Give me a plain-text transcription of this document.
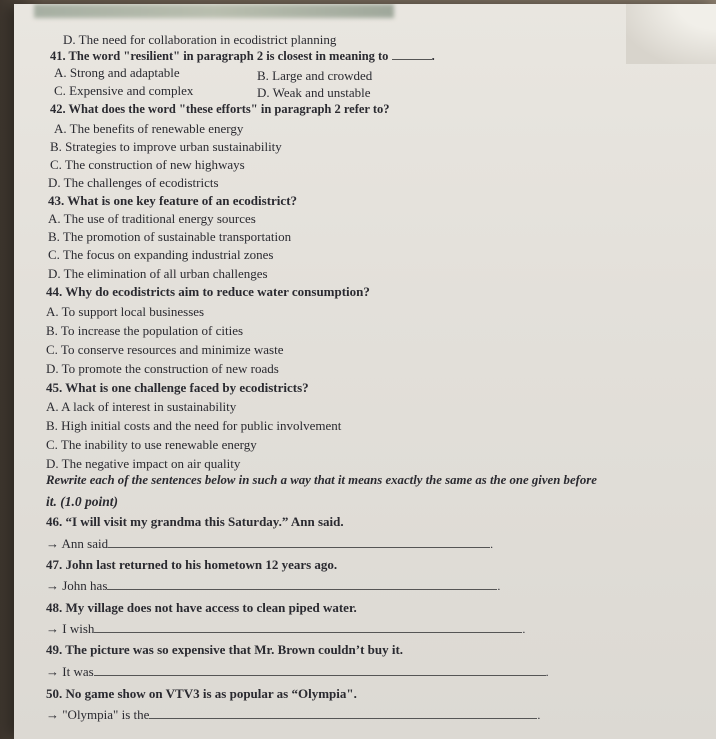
D. The need for collaboration in ecodistrict planning
41. The word "resilient" in paragraph 2 is closest in meaning to	.
A. Strong and adaptable	B. Large and crowded
C. Expensive and complex	D. Weak and unstable
42. What does the word "these efforts" in paragraph 2 refer to?
A. The benefits of renewable energy
B. Strategies to improve urban sustainability
C. The construction of new highways
D. The challenges of ecodistricts
43. What is one key feature of an ecodistrict?
A. The use of traditional energy sources
B. The promotion of sustainable transportation
C. The focus on expanding industrial zones
D. The elimination of all urban challenges
44. Why do ecodistricts aim to reduce water consumption?
A. To support local businesses
B. To increase the population of cities
C. To conserve resources and minimize waste
D. To promote the construction of new roads
45. What is one challenge faced by ecodistricts?
A. A lack of interest in sustainability
B. High initial costs and the need for public involvement
C. The inability to use renewable energy
D. The negative impact on air quality
Rewrite each of the sentences below in such a way that it means exactly the same as the one given before
it. (1.0 point)
46. “I will visit my grandma this Saturday.” Ann said.
→ Ann said	.
47. John last returned to his hometown 12 years ago.
→ John has	.
48. My village does not have access to clean piped water.
→ I wish	.
49. The picture was so expensive that Mr. Brown couldn’t buy it.
→ It was	.
50. No game show on VTV3 is as popular as “Olympia".
→ "Olympia" is the	.
